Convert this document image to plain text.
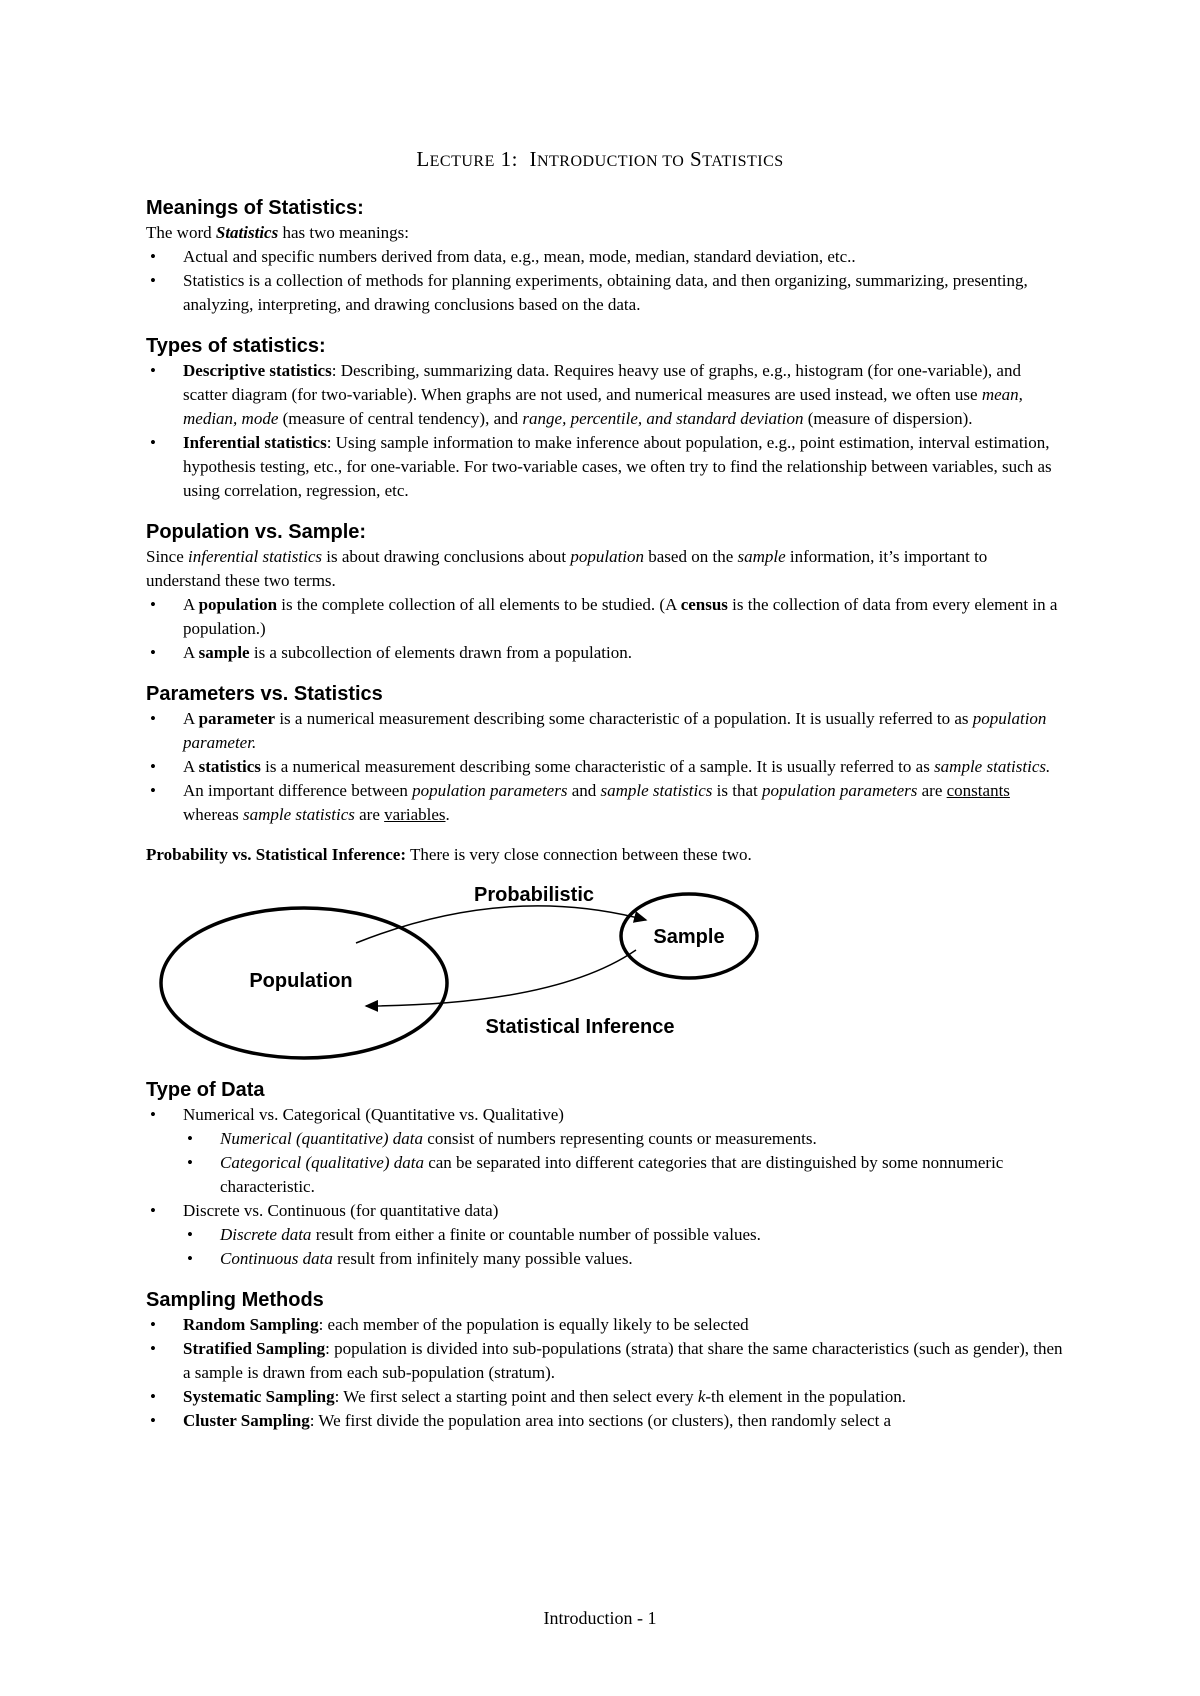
LECTURE 1: INTRODUCTION TO STATISTICS
Meanings of Statistics:

The word Statistics has two meanings:

• Actual and specific numbers derived from data, e.g., mean, mode, median, standard deviation, etc..
• Statistics is a collection of methods for planning experiments, obtaining data, and then organizing, summarizing, presenting, analyzing, interpreting, and drawing conclusions based on the data.
Types of statistics:
• Descriptive statistics: Describing, summarizing data. Requires heavy use of graphs, e.g., histogram (for one-variable), and scatter diagram (for two-variable). When graphs are not used, and numerical measures are used instead, we often use mean, median, mode (measure of central tendency), and range, percentile, and standard deviation (measure of dispersion).
• Inferential statistics: Using sample information to make inference about population, e.g., point estimation, interval estimation, hypothesis testing, etc., for one-variable. For two-variable cases, we often try to find the relationship between variables, such as using correlation, regression, etc.
Population vs. Sample:

Since inferential statistics is about drawing conclusions about population based on the sample information, it’s important to understand these two terms.

• A population is the complete collection of all elements to be studied. (A census is the collection of data from every element in a population.)
• A sample is a subcollection of elements drawn from a population.
Parameters vs. Statistics
• A parameter is a numerical measurement describing some characteristic of a population. It is usually referred to as population parameter.
• A statistics is a numerical measurement describing some characteristic of a sample. It is usually referred to as sample statistics.
• An important difference between population parameters and sample statistics is that population parameters are constants whereas sample statistics are variables.

Probability vs. Statistical Inference: There is very close connection between these two.

Population
Sample
Probabilistic
Statistical Inference
Type of Data
• Numerical vs. Categorical (Quantitative vs. Qualitative)
• Numerical (quantitative) data consist of numbers representing counts or measurements.
• Categorical (qualitative) data can be separated into different categories that are distinguished by some nonnumeric characteristic.
• Discrete vs. Continuous (for quantitative data)
• Discrete data result from either a finite or countable number of possible values.
• Continuous data result from infinitely many possible values.
Sampling Methods
• Random Sampling: each member of the population is equally likely to be selected
• Stratified Sampling: population is divided into sub-populations (strata) that share the same characteristics (such as gender), then a sample is drawn from each sub-population (stratum).
• Systematic Sampling: We first select a starting point and then select every k-th element in the population.
• Cluster Sampling: We first divide the population area into sections (or clusters), then randomly select a
Introduction - 1
